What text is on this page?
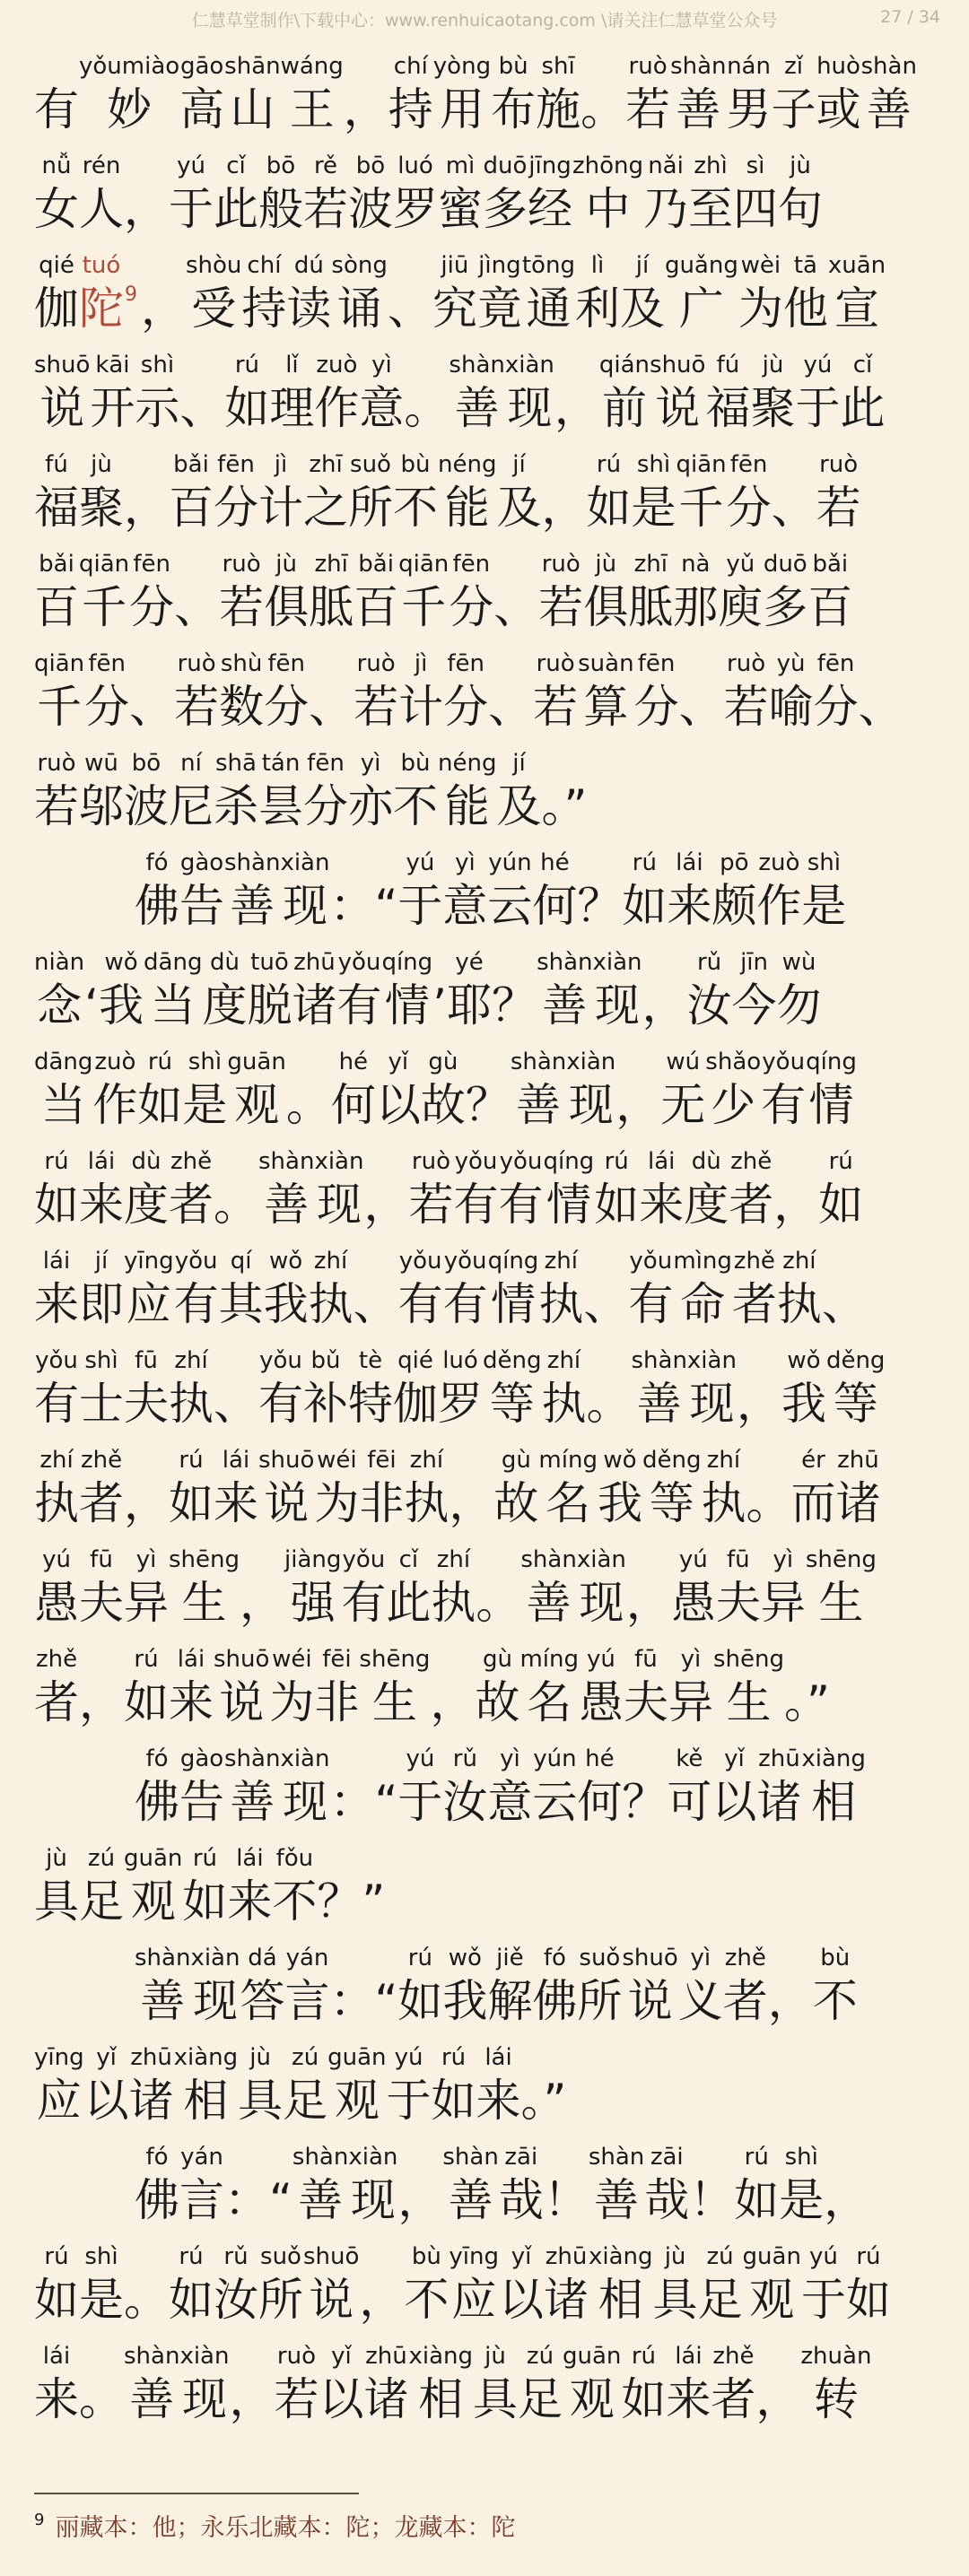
仁慧草堂制作\下载中心：www.renhuicaotang.com \请关注仁慧草堂公众号	27 / 34
有 妙yǒumiào
高gāo
山shān
王wáng
， 持chí
用yòng
布bù
施shī
。 若ruò
善shàn
男nán
子zǐ
或huò
善shàn
女nǚ
人rén
， 于yú
此cǐ
般bō
若rě
波bō
罗luó
蜜mì
多duō
经jīng
中zhōng
乃nǎi
至zhì
四sì
句jù
伽qié
陀tuó
$^9$ ， 受shòu
持chí
读dú
诵sòng
、 究jiū
竟jìng
通tōng
利lì
及jí
广guǎng
为wèi
他tā
宣xuān
说shuō
开kāi
示shì
、 如rú
理lǐ
作zuò
意yì
。 善shàn
现xiàn
， 前qián
说shuō
福fú
聚jù
于yú
此cǐ
福fú
聚jù
， 百bǎi
分fēn
计jì
之zhī
所suǒ
不bù
能néng
及jí
， 如rú
是shì
千qiān
分fēn
、 若ruò
百bǎi
千qiān
分fēn
、 若ruò
俱jù
胝zhī
百bǎi
千qiān
分fēn
、 若ruò
俱jù
胝zhī
那nà
庾yǔ
多duō
百bǎi
千qiān
分fēn
、 若ruò
数shù
分fēn
、 若ruò
计jì
分fēn
、 若ruò
算suàn
分fēn
、 若ruò
喻yù
分fēn
、
若ruò
邬wū
波bō
尼ní
杀shā
昙tán
分fēn
亦yì
不bù
能néng
及jí
。”
佛fó
告gào
善shàn
现xiàn
： “ 于yú
意yì
云yún
何hé
？ 如rú
来lái
颇pō
作zuò
是shì
念niàn
‘ 我wǒ
当dāng
度dù
脱tuō
诸zhū
有yǒu
情qíng
’ 耶yé
？ 善shàn
现xiàn
， 汝rǔ
今jīn
勿wù
当dāng
作zuò
如rú
是shì
观guān
。 何hé
以yǐ
故gù
？ 善shàn
现xiàn
， 无wú
少shǎo
有yǒu
情qíng
如rú
来lái
度dù
者zhě
。 善shàn
现xiàn
， 若ruò
有yǒu
有yǒu
情qíng
如rú
来lái
度dù
者zhě
， 如rú
来lái
即jí
应yīng
有yǒu
其qí
我wǒ
执zhí
、 有yǒu
有yǒu
情qíng
执zhí
、 有yǒu
命mìng
者zhě
执zhí
、
有yǒu
士shì
夫fū
执zhí
、 有yǒu
补bǔ
特tè
伽qié
罗luó
等děng
执zhí
。 善shàn
现xiàn
， 我wǒ
等děng
执zhí
者zhě
， 如rú
来lái
说shuō
为wéi
非fēi
执zhí
， 故gù
名míng
我wǒ
等děng
执zhí
。 而ér
诸zhū
愚yú
夫fū
异yì
生shēng
， 强jiàng
有yǒu
此cǐ
执zhí
。 善shàn
现xiàn
， 愚yú
夫fū
异yì
生shēng
者zhě
， 如rú
来lái
说shuō
为wéi
非fēi
生shēng
， 故gù
名míng
愚yú
夫fū
异yì
生shēng
。”
佛fó
告gào
善shàn
现xiàn
： “ 于yú
汝rǔ
意yì
云yún
何hé
？ 可kě
以yǐ
诸zhū
相xiàng
具jù
足zú
观guān
如rú
来lái
不fǒu
？”
善shàn
现xiàn
答dá
言yán
： “ 如rú
我wǒ
解jiě
佛fó
所suǒ
说shuō
义yì
者zhě
， 不bù
应yīng
以yǐ
诸zhū
相xiàng
具jù
足zú
观guān
于yú
如rú
来lái
。”
佛fó
言yán
： “ 善shàn
现xiàn
， 善shàn
哉zāi
！ 善shàn
哉zāi
！ 如rú
是shì
，
如rú
是shì
。 如rú
汝rǔ
所suǒ
说shuō
， 不bù
应yīng
以yǐ
诸zhū
相xiàng
具jù
足zú
观guān
于yú
如rú
来lái
。 善shàn
现xiàn
， 若ruò
以yǐ
诸zhū
相xiàng
具jù
足zú
观guān
如rú
来lái
者zhě
， 转zhuàn
$^9$ 丽藏本：他；永乐北藏本：陀；龙藏本：陀
